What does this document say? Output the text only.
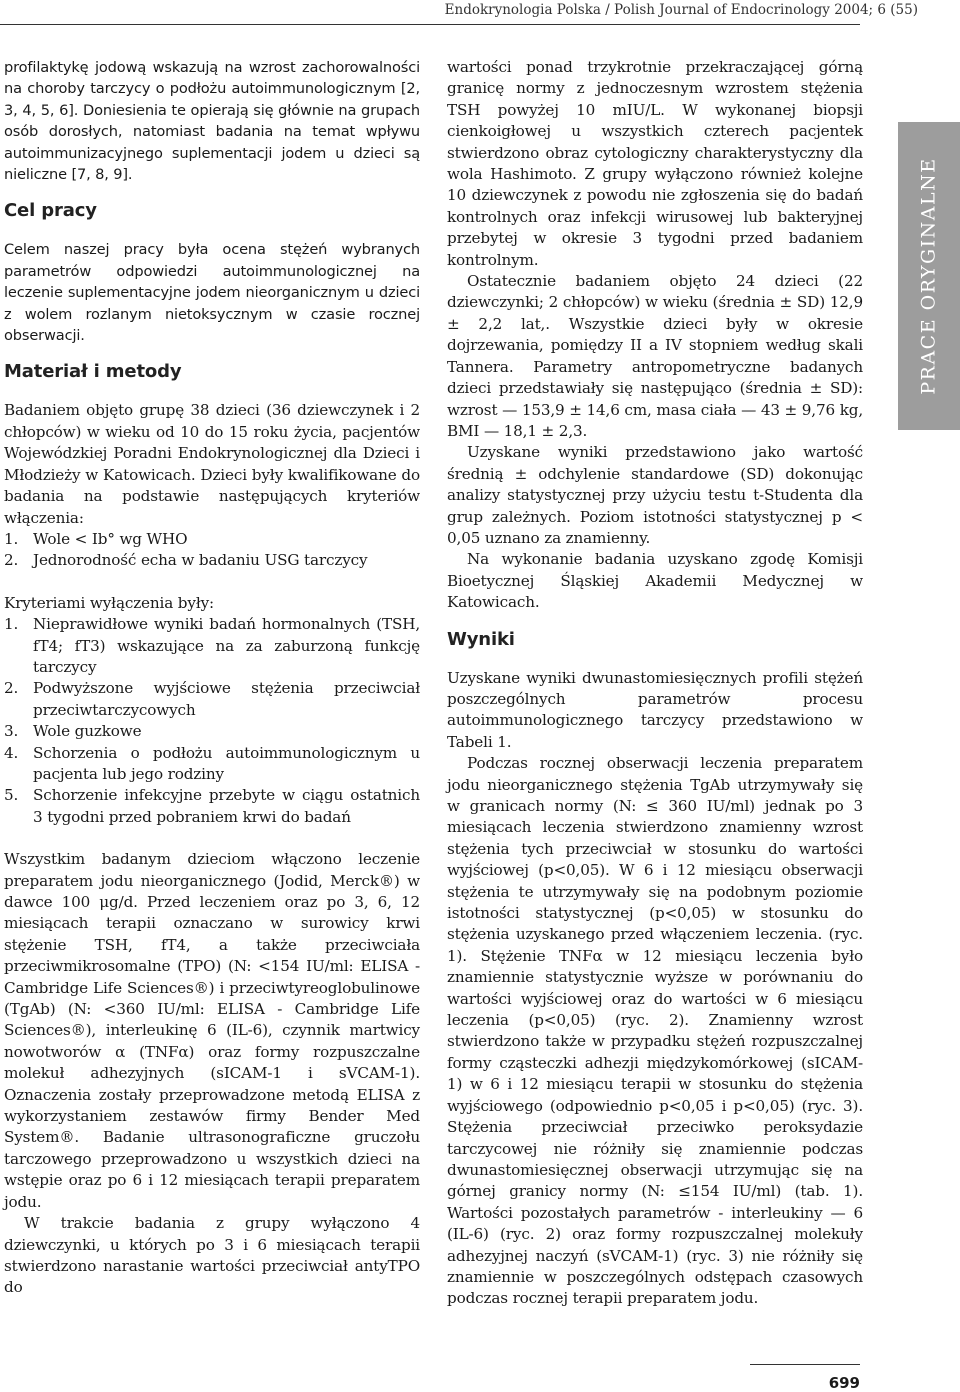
Endokrynologia Polska / Polish Journal of Endocrinology 2004; 6 (55)

profilaktykę jodową wskazują na wzrost zachorowalności na choroby tarczycy o podłożu autoimmunologicznym [2, 3, 4, 5, 6]. Doniesienia te opierają się głównie na grupach osób dorosłych, natomiast badania na temat wpływu autoimmunizacyjnego suplementacji jodem u dzieci są nieliczne [7, 8, 9].

Cel pracy

Celem naszej pracy była ocena stężeń wybranych parametrów odpowiedzi autoimmunologicznej na leczenie suplementacyjne jodem nieorganicznym u dzieci z wolem rozlanym nietoksycznym w czasie rocznej obserwacji.

Materiał i metody

Badaniem objęto grupę 38 dzieci (36 dziewczynek i 2 chłopców) w wieku od 10 do 15 roku życia, pacjentów Wojewódzkiej Poradni Endokrynologicznej dla Dzieci i Młodzieży w Katowicach. Dzieci były kwalifikowane do badania na podstawie następujących kryteriów włączenia:

1. Wole < Ib° wg WHO
2. Jednorodność echa w badaniu USG tarczycy

Kryteriami wyłączenia były:

1. Nieprawidłowe wyniki badań hormonalnych (TSH, fT4; fT3) wskazujące na za zaburzoną funkcję tarczycy
2. Podwyższone wyjściowe stężenia przeciwciał przeciwtarczycowych
3. Wole guzkowe
4. Schorzenia o podłożu autoimmunologicznym u pacjenta lub jego rodziny
5. Schorzenie infekcyjne przebyte w ciągu ostatnich 3 tygodni przed pobraniem krwi do badań

Wszystkim badanym dzieciom włączono leczenie preparatem jodu nieorganicznego (Jodid, Merck®) w dawce 100 μg/d. Przed leczeniem oraz po 3, 6, 12 miesiącach terapii oznaczano w surowicy krwi stężenie TSH, fT4, a także przeciwciała przeciwmikrosomalne (TPO) (N: <154 IU/ml: ELISA - Cambridge Life Sciences®) i przeciwtyreoglobulinowe (TgAb) (N: <360 IU/ml: ELISA - Cambridge Life Sciences®), interleukinę 6 (IL-6), czynnik martwicy nowotworów α (TNFα) oraz formy rozpuszczalne molekuł adhezyjnych (sICAM-1 i sVCAM-1). Oznaczenia zostały przeprowadzone metodą ELISA z wykorzystaniem zestawów firmy Bender Med System®. Badanie ultrasonograficzne gruczołu tarczowego przeprowadzono u wszystkich dzieci na wstępie oraz po 6 i 12 miesiącach terapii preparatem jodu.

W trakcie badania z grupy wyłączono 4 dziewczynki, u których po 3 i 6 miesiącach terapii stwierdzono narastanie wartości przeciwciał antyTPO do

wartości ponad trzykrotnie przekraczającej górną granicę normy z jednoczesnym wzrostem stężenia TSH powyżej 10 mIU/L. W wykonanej biopsji cienkoigłowej u wszystkich czterech pacjentek stwierdzono obraz cytologiczny charakterystyczny dla wola Hashimoto. Z grupy wyłączono również kolejne 10 dziewczynek z powodu nie zgłoszenia się do badań kontrolnych oraz infekcji wirusowej lub bakteryjnej przebytej w okresie 3 tygodni przed badaniem kontrolnym.

Ostatecznie badaniem objęto 24 dzieci (22 dziewczynki; 2 chłopców) w wieku (średnia ± SD) 12,9 ± 2,2 lat,. Wszystkie dzieci były w okresie dojrzewania, pomiędzy II a IV stopniem według skali Tannera. Parametry antropometryczne badanych dzieci przedstawiały się następująco (średnia ± SD): wzrost — 153,9 ± 14,6 cm, masa ciała — 43 ± 9,76 kg, BMI — 18,1 ± 2,3.

Uzyskane wyniki przedstawiono jako wartość średnią ± odchylenie standardowe (SD) dokonując analizy statystycznej przy użyciu testu t-Studenta dla grup zależnych. Poziom istotności statystycznej p < 0,05 uznano za znamienny.

Na wykonanie badania uzyskano zgodę Komisji Bioetycznej Śląskiej Akademii Medycznej w Katowicach.

Wyniki

Uzyskane wyniki dwunastomiesięcznych profili stężeń poszczególnych parametrów procesu autoimmunologicznego tarczycy przedstawiono w Tabeli 1.

Podczas rocznej obserwacji leczenia preparatem jodu nieorganicznego stężenia TgAb utrzymywały się w granicach normy (N: ≤ 360 IU/ml) jednak po 3 miesiącach leczenia stwierdzono znamienny wzrost stężenia tych przeciwciał w stosunku do wartości wyjściowej (p<0,05). W 6 i 12 miesiącu obserwacji stężenia te utrzymywały się na podobnym poziomie istotności statystycznej (p<0,05) w stosunku do stężenia uzyskanego przed włączeniem leczenia. (ryc. 1). Stężenie TNFα w 12 miesiącu leczenia było znamiennie statystycznie wyższe w porównaniu do wartości wyjściowej oraz do wartości w 6 miesiącu leczenia (p<0,05) (ryc. 2). Znamienny wzrost stwierdzono także w przypadku stężeń rozpuszczalnej formy cząsteczki adhezji międzykomórkowej (sICAM-1) w 6 i 12 miesiącu terapii w stosunku do stężenia wyjściowego (odpowiednio p<0,05 i p<0,05) (ryc. 3). Stężenia przeciwciał przeciwko peroksydazie tarczycowej nie różniły się znamiennie podczas dwunastomiesięcznej obserwacji utrzymując się na górnej granicy normy (N: ≤154 IU/ml) (tab. 1). Wartości pozostałych parametrów - interleukiny — 6 (IL-6) (ryc. 2) oraz formy rozpuszczalnej molekuły adhezyjnej naczyń (sVCAM-1) (ryc. 3) nie różniły się znamiennie w poszczególnych odstępach czasowych podczas rocznej terapii preparatem jodu.

PRACE ORYGINALNE
699
